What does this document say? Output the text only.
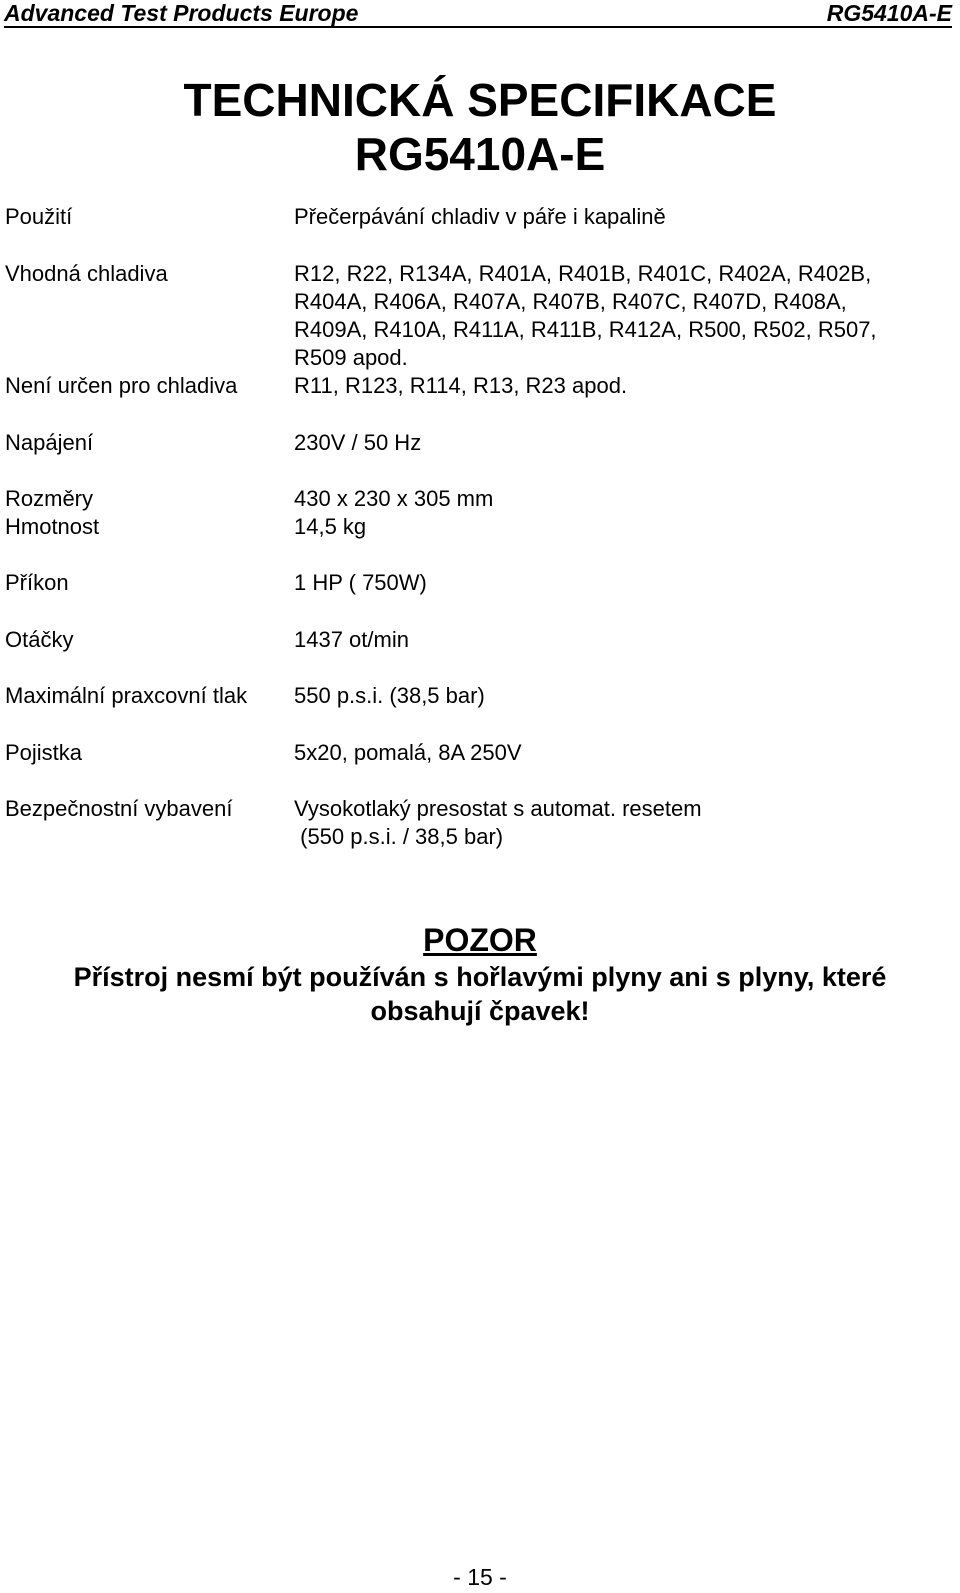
Advanced Test Products Europe	RG5410A-E
TECHNICKÁ SPECIFIKACE
RG5410A-E
Použití	Přečerpávání chladiv v páře i kapalině
Vhodná chladiva	R12, R22, R134A, R401A, R401B, R401C, R402A, R402B,
R404A, R406A, R407A, R407B, R407C, R407D, R408A,
R409A, R410A, R411A, R411B, R412A, R500, R502, R507,
R509 apod.
Není určen pro chladiva	R11, R123, R114, R13, R23 apod.
Napájení	230V / 50 Hz
Rozměry	430 x 230 x 305 mm
Hmotnost	14,5 kg
Příkon	1 HP ( 750W)
Otáčky	1437 ot/min
Maximální praxcovní tlak 550 p.s.i. (38,5 bar)
Pojistka	5x20, pomalá, 8A 250V
Bezpečnostní vybavení	Vysokotlaký presostat s automat. resetem
(550 p.s.i. / 38,5 bar)
POZOR
Přístroj nesmí být používán s hořlavými plyny ani s plyny, které
obsahují čpavek!
- 15 -
